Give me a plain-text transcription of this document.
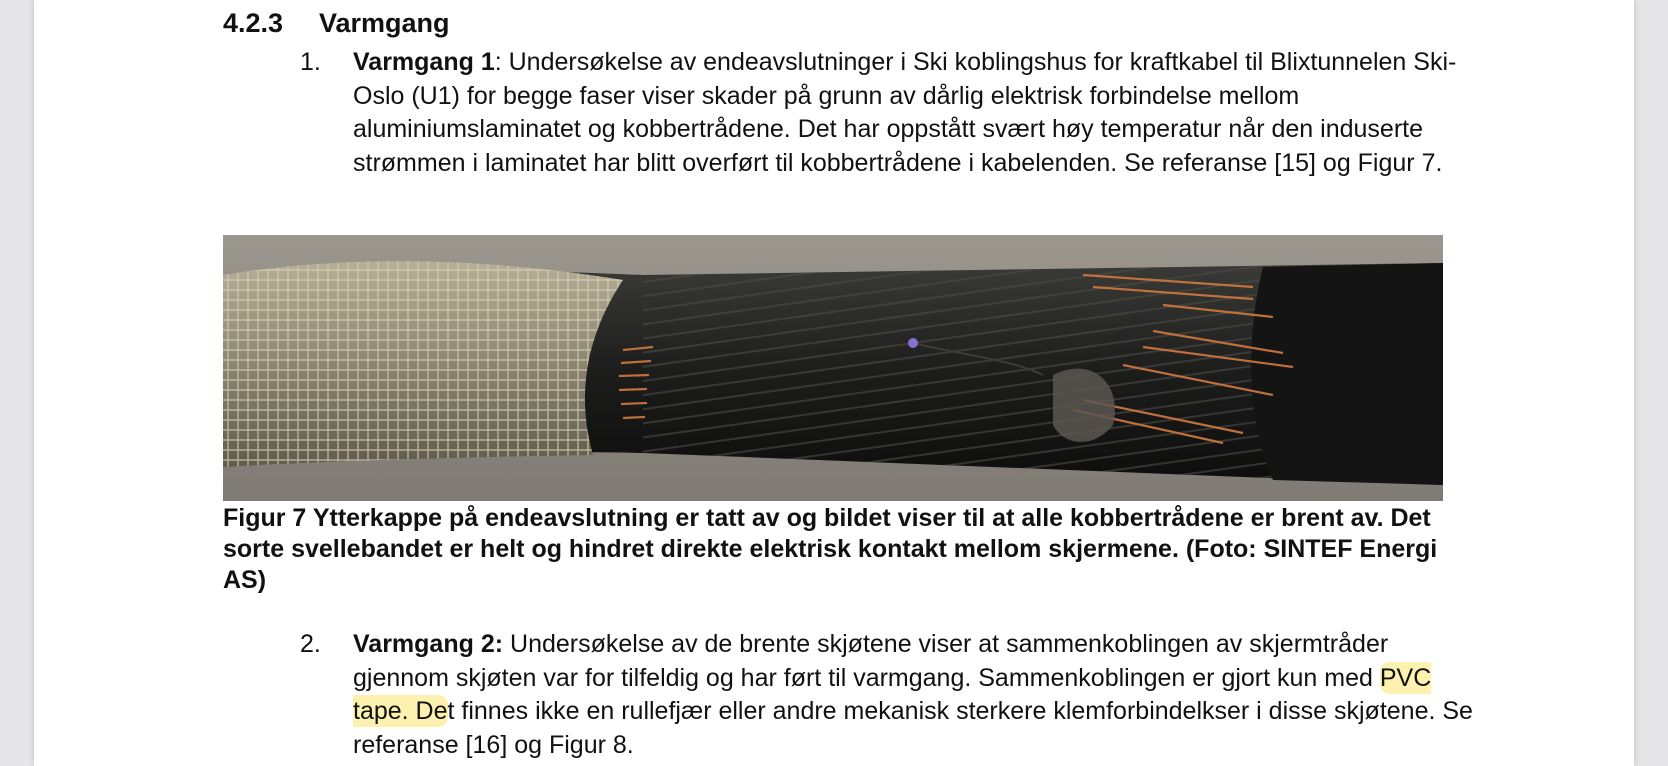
4.2.3 Varmgang
1. Varmgang 1: Undersøkelse av endeavslutninger i Ski koblingshus for kraftkabel til Blixtunnelen Ski-Oslo (U1) for begge faser viser skader på grunn av dårlig elektrisk forbindelse mellom aluminiumslaminatet og kobbertrådene. Det har oppstått svært høy temperatur når den induserte strømmen i laminatet har blitt overført til kobbertrådene i kabelenden. Se referanse [15] og Figur 7.
Figur 7 Ytterkappe på endeavslutning er tatt av og bildet viser til at alle kobbertrådene er brent av. Det sorte svellebandet er helt og hindret direkte elektrisk kontakt mellom skjermene. (Foto: SINTEF Energi AS)
2. Varmgang 2: Undersøkelse av de brente skjøtene viser at sammenkoblingen av skjermtråder gjennom skjøten var for tilfeldig og har ført til varmgang. Sammenkoblingen er gjort kun med PVC tape. Det finnes ikke en rullefjær eller andre mekanisk sterkere klemforbindelkser i disse skjøtene. Se referanse [16] og Figur 8.
